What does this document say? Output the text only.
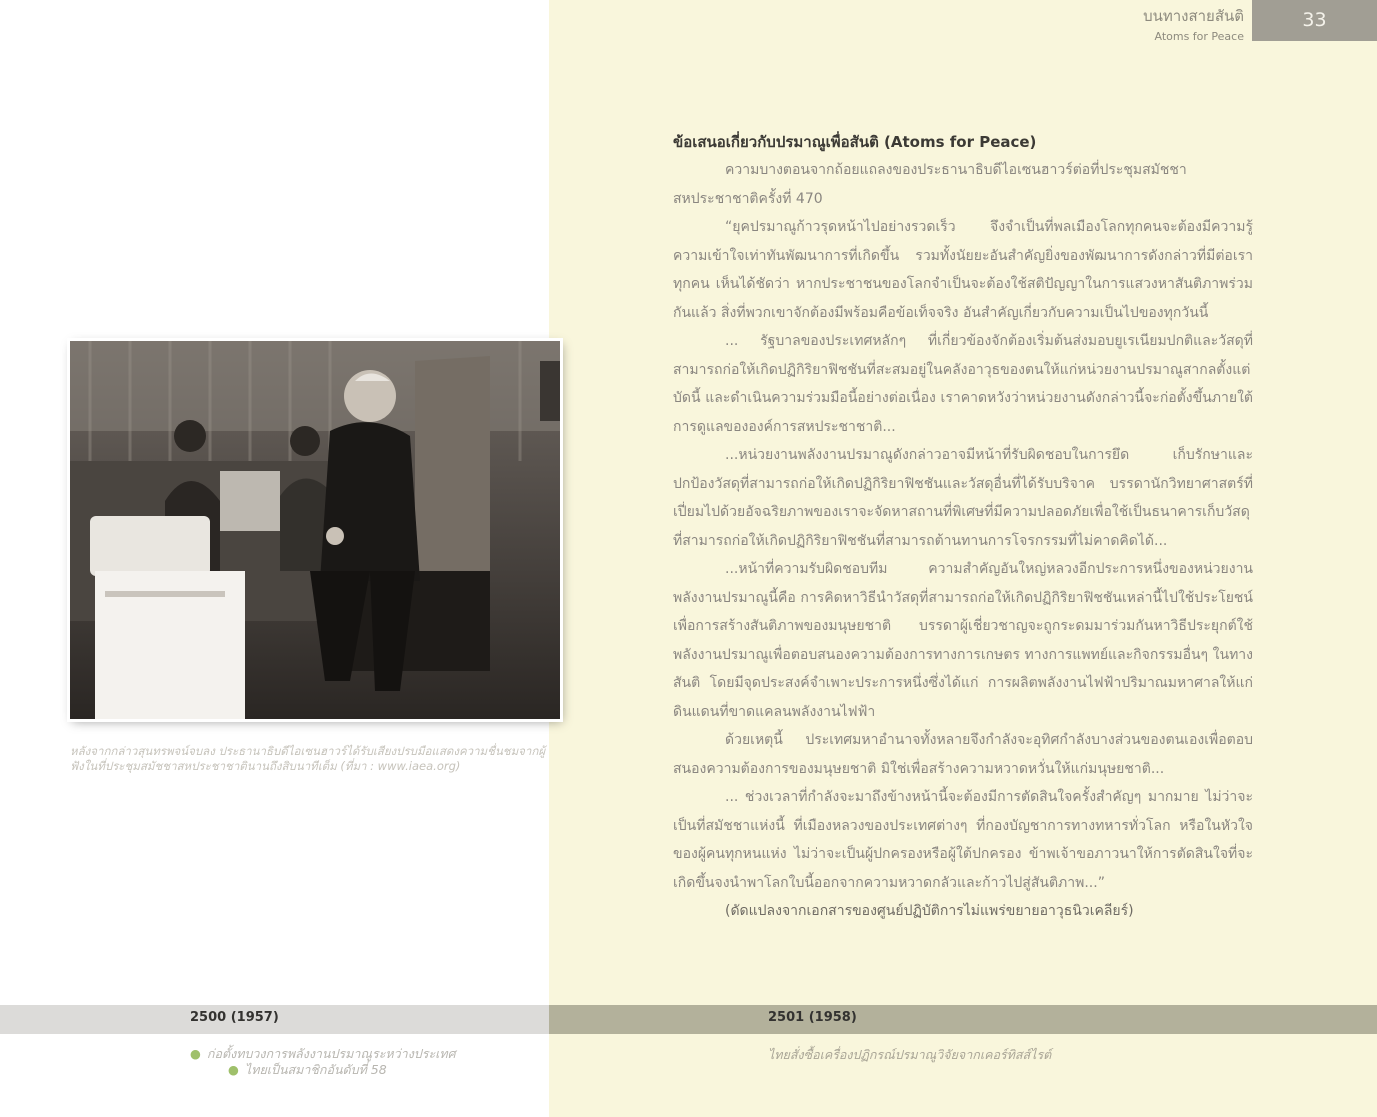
บนทางสายสันติ
Atoms for Peace
33
หลังจากกล่าวสุนทรพจน์จบลง ประธานาธิบดีไอเซนฮาวร์ได้รับเสียงปรบมือแสดงความชื่นชมจากผู้ฟังในที่ประชุมสมัชชาสหประชาชาตินานถึงสิบนาทีเต็ม (ที่มา : www.iaea.org)
ข้อเสนอเกี่ยวกับปรมาณูเพื่อสันติ (Atoms for Peace)

ความบางตอนจากถ้อยแถลงของประธานาธิบดีไอเซนฮาวร์ต่อที่ประชุมสมัชชาสหประชาชาติครั้งที่ 470

“ยุคปรมาณูก้าวรุดหน้าไปอย่างรวดเร็ว จึงจำเป็นที่พลเมืองโลกทุกคนจะต้องมีความรู้ความเข้าใจเท่าทันพัฒนาการที่เกิดขึ้น รวมทั้งนัยยะอันสำคัญยิ่งของพัฒนาการดังกล่าวที่มีต่อเราทุกคน เห็นได้ชัดว่า หากประชาชนของโลกจำเป็นจะต้องใช้สติปัญญาในการแสวงหาสันติภาพร่วมกันแล้ว สิ่งที่พวกเขาจักต้องมีพร้อมคือข้อเท็จจริง อันสำคัญเกี่ยวกับความเป็นไปของทุกวันนี้

... รัฐบาลของประเทศหลักๆ ที่เกี่ยวข้องจักต้องเริ่มต้นส่งมอบยูเรเนียมปกติและวัสดุที่สามารถก่อให้เกิดปฏิกิริยาฟิชชันที่สะสมอยู่ในคลังอาวุธของตนให้แก่หน่วยงานปรมาณูสากลตั้งแต่บัดนี้ และดำเนินความร่วมมือนี้อย่างต่อเนื่อง เราคาดหวังว่าหน่วยงานดังกล่าวนี้จะก่อตั้งขึ้นภายใต้การดูแลขององค์การสหประชาชาติ...

...หน่วยงานพลังงานปรมาณูดังกล่าวอาจมีหน้าที่รับผิดชอบในการยึด เก็บรักษาและปกป้องวัสดุที่สามารถก่อให้เกิดปฏิกิริยาฟิชชันและวัสดุอื่นที่ได้รับบริจาค บรรดานักวิทยาศาสตร์ที่เปี่ยมไปด้วยอัจฉริยภาพของเราจะจัดหาสถานที่พิเศษที่มีความปลอดภัยเพื่อใช้เป็นธนาคารเก็บวัสดุที่สามารถก่อให้เกิดปฏิกิริยาฟิชชันที่สามารถต้านทานการโจรกรรมที่ไม่คาดคิดได้...

...หน้าที่ความรับผิดชอบทีม ความสำคัญอันใหญ่หลวงอีกประการหนึ่งของหน่วยงานพลังงานปรมาณูนี้คือ การคิดหาวิธีนำวัสดุที่สามารถก่อให้เกิดปฏิกิริยาฟิชชันเหล่านี้ไปใช้ประโยชน์เพื่อการสร้างสันติภาพของมนุษยชาติ บรรดาผู้เชี่ยวชาญจะถูกระดมมาร่วมกันหาวิธีประยุกต์ใช้พลังงานปรมาณูเพื่อตอบสนองความต้องการทางการเกษตร ทางการแพทย์และกิจกรรมอื่นๆ ในทางสันติ โดยมีจุดประสงค์จำเพาะประการหนึ่งซึ่งได้แก่ การผลิตพลังงานไฟฟ้าปริมาณมหาศาลให้แก่ดินแดนที่ขาดแคลนพลังงานไฟฟ้า

ด้วยเหตุนี้ ประเทศมหาอำนาจทั้งหลายจึงกำลังจะอุทิศกำลังบางส่วนของตนเองเพื่อตอบสนองความต้องการของมนุษยชาติ มิใช่เพื่อสร้างความหวาดหวั่นให้แก่มนุษยชาติ...

... ช่วงเวลาที่กำลังจะมาถึงข้างหน้านี้จะต้องมีการตัดสินใจครั้งสำคัญๆ มากมาย ไม่ว่าจะเป็นที่สมัชชาแห่งนี้ ที่เมืองหลวงของประเทศต่างๆ ที่กองบัญชาการทางทหารทั่วโลก หรือในหัวใจของผู้คนทุกหนแห่ง ไม่ว่าจะเป็นผู้ปกครองหรือผู้ใต้ปกครอง ข้าพเจ้าขอภาวนาให้การตัดสินใจที่จะเกิดขึ้นจงนำพาโลกใบนี้ออกจากความหวาดกลัวและก้าวไปสู่สันติภาพ...”

(ดัดแปลงจากเอกสารของศูนย์ปฏิบัติการไม่แพร่ขยายอาวุธนิวเคลียร์)

2500 (1957)	2501 (1958)
● ก่อตั้งทบวงการพลังงานปรมาณูระหว่างประเทศ
● ไทยเป็นสมาชิกอันดับที่ 58
ไทยสั่งซื้อเครื่องปฏิกรณ์ปรมาณูวิจัยจากเคอร์ทิสส์ไรต์
